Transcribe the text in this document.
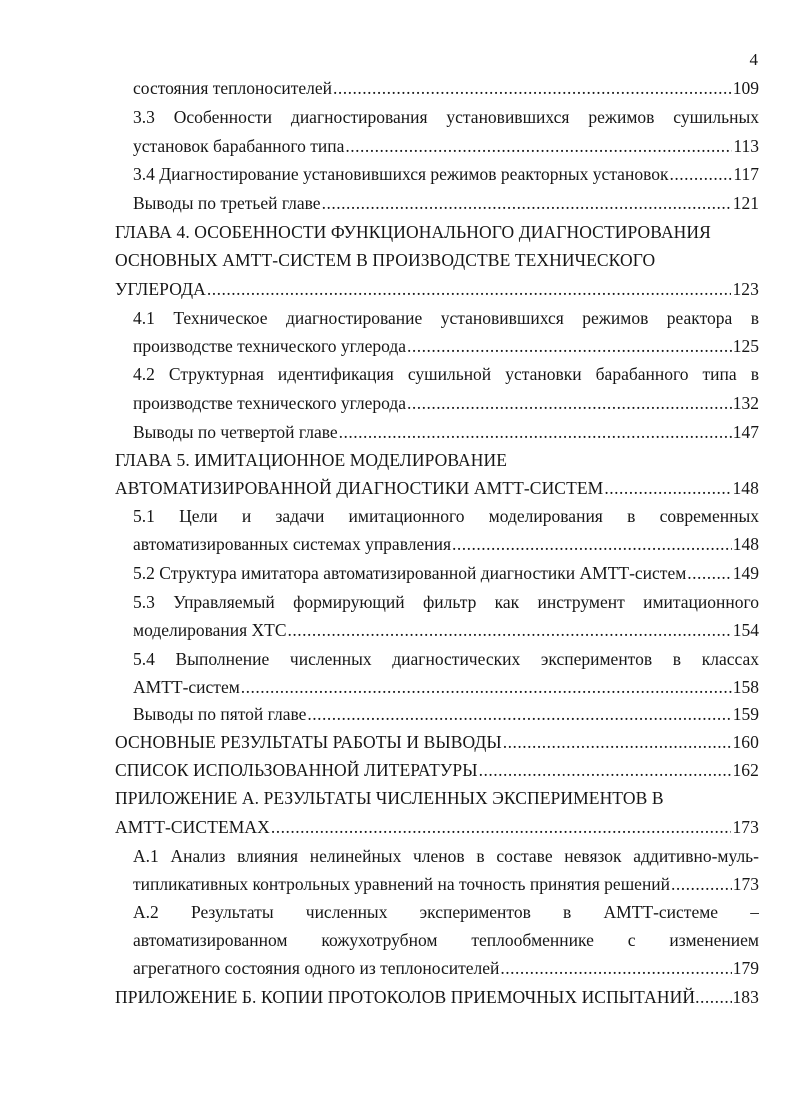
4
состояния теплоносителей .....	109
3.3 Особенности диагностирования установившихся режимов сушильных
установок барабанного типа .....	113
3.4 Диагностирование установившихся режимов реакторных установок .....	117
Выводы по третьей главе .....	121
ГЛАВА 4. ОСОБЕННОСТИ ФУНКЦИОНАЛЬНОГО ДИАГНОСТИРОВАНИЯ
ОСНОВНЫХ АМТТ-СИСТЕМ В ПРОИЗВОДСТВЕ ТЕХНИЧЕСКОГО
УГЛЕРОДА .....	123
4.1 Техническое диагностирование установившихся режимов реактора в
производстве технического углерода .....	125
4.2 Структурная идентификация сушильной установки барабанного типа в
производстве технического углерода .....	132
Выводы по четвертой главе .....	147
ГЛАВА 5. ИМИТАЦИОННОЕ МОДЕЛИРОВАНИЕ
АВТОМАТИЗИРОВАННОЙ ДИАГНОСТИКИ АМТТ-СИСТЕМ .....	148
5.1 Цели и задачи имитационного моделирования в современных
автоматизированных системах управления .....	148
5.2 Структура имитатора автоматизированной диагностики АМТТ-систем .....	149
5.3 Управляемый формирующий фильтр как инструмент имитационного
моделирования ХТС .....	154
5.4 Выполнение численных диагностических экспериментов в классах
АМТТ-систем .....	158
Выводы по пятой главе .....	159
ОСНОВНЫЕ РЕЗУЛЬТАТЫ РАБОТЫ И ВЫВОДЫ .....	160
СПИСОК ИСПОЛЬЗОВАННОЙ ЛИТЕРАТУРЫ .....	162
ПРИЛОЖЕНИЕ А. РЕЗУЛЬТАТЫ ЧИСЛЕННЫХ ЭКСПЕРИМЕНТОВ В
АМТТ-СИСТЕМАХ .....	173
А.1 Анализ влияния нелинейных членов в составе невязок аддитивно-муль-
типликативных контрольных уравнений на точность принятия решений .....	173
А.2 Результаты численных экспериментов в АМТТ-системе –
автоматизированном кожухотрубном теплообменнике с изменением
агрегатного состояния одного из теплоносителей .....	179
ПРИЛОЖЕНИЕ Б. КОПИИ ПРОТОКОЛОВ ПРИЕМОЧНЫХ ИСПЫТАНИЙ ..... 183
